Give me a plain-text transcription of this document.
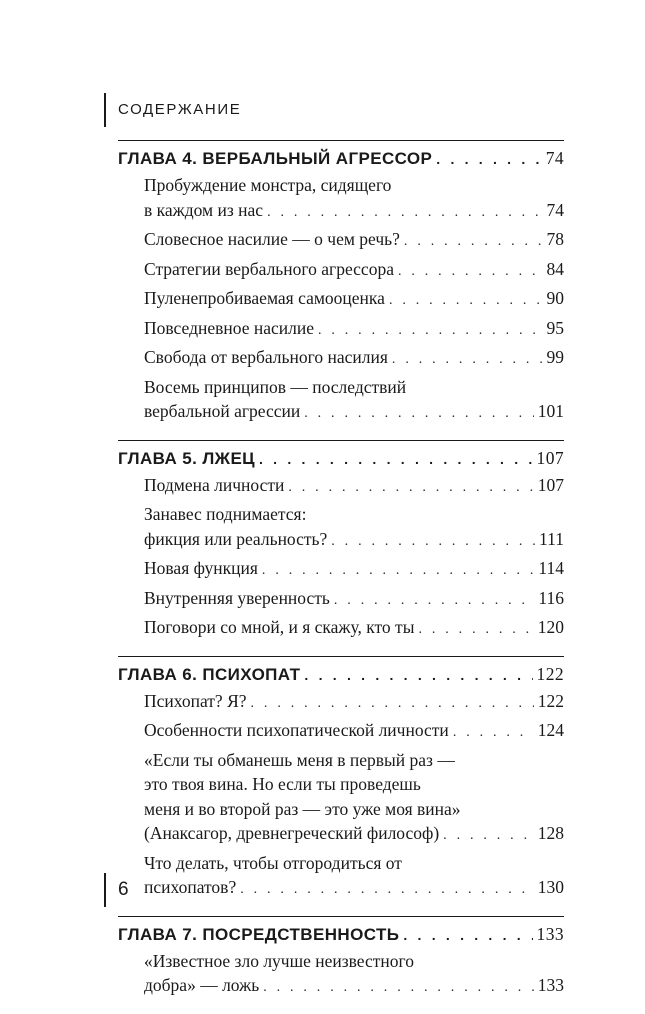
СОДЕРЖАНИЕ
ГЛАВА 4. ВЕРБАЛЬНЫЙ АГРЕССОР . . .	74
Пробуждение монстра, сидящего
в каждом из нас . . .	74
Словесное насилие — о чем речь? . . .	78
Стратегии вербального агрессора . . .	84
Пуленепробиваемая самооценка . . .	90
Повседневное насилие . . .	95
Свобода от вербального насилия . . .	99
Восемь принципов — последствий
вербальной агрессии . . .	101
ГЛАВА 5. ЛЖЕЦ . . .	107
Подмена личности . . .	107
Занавес поднимается:
фикция или реальность? . . .	111
Новая функция . . .	114
Внутренняя уверенность . . .	116
Поговори со мной, и я скажу, кто ты . . .	120
ГЛАВА 6. ПСИХОПАТ . . .	122
Психопат? Я? . . .	122
Особенности психопатической личности . . .	124
«Если ты обманешь меня в первый раз —
это твоя вина. Но если ты проведешь
меня и во второй раз — это уже моя вина»
(Анаксагор, древнегреческий философ) . . .	128
Что делать, чтобы отгородиться от
психопатов? . . .	130
ГЛАВА 7. ПОСРЕДСТВЕННОСТЬ . . .	133
«Известное зло лучше неизвестного
добра» — ложь . . .	133
6
